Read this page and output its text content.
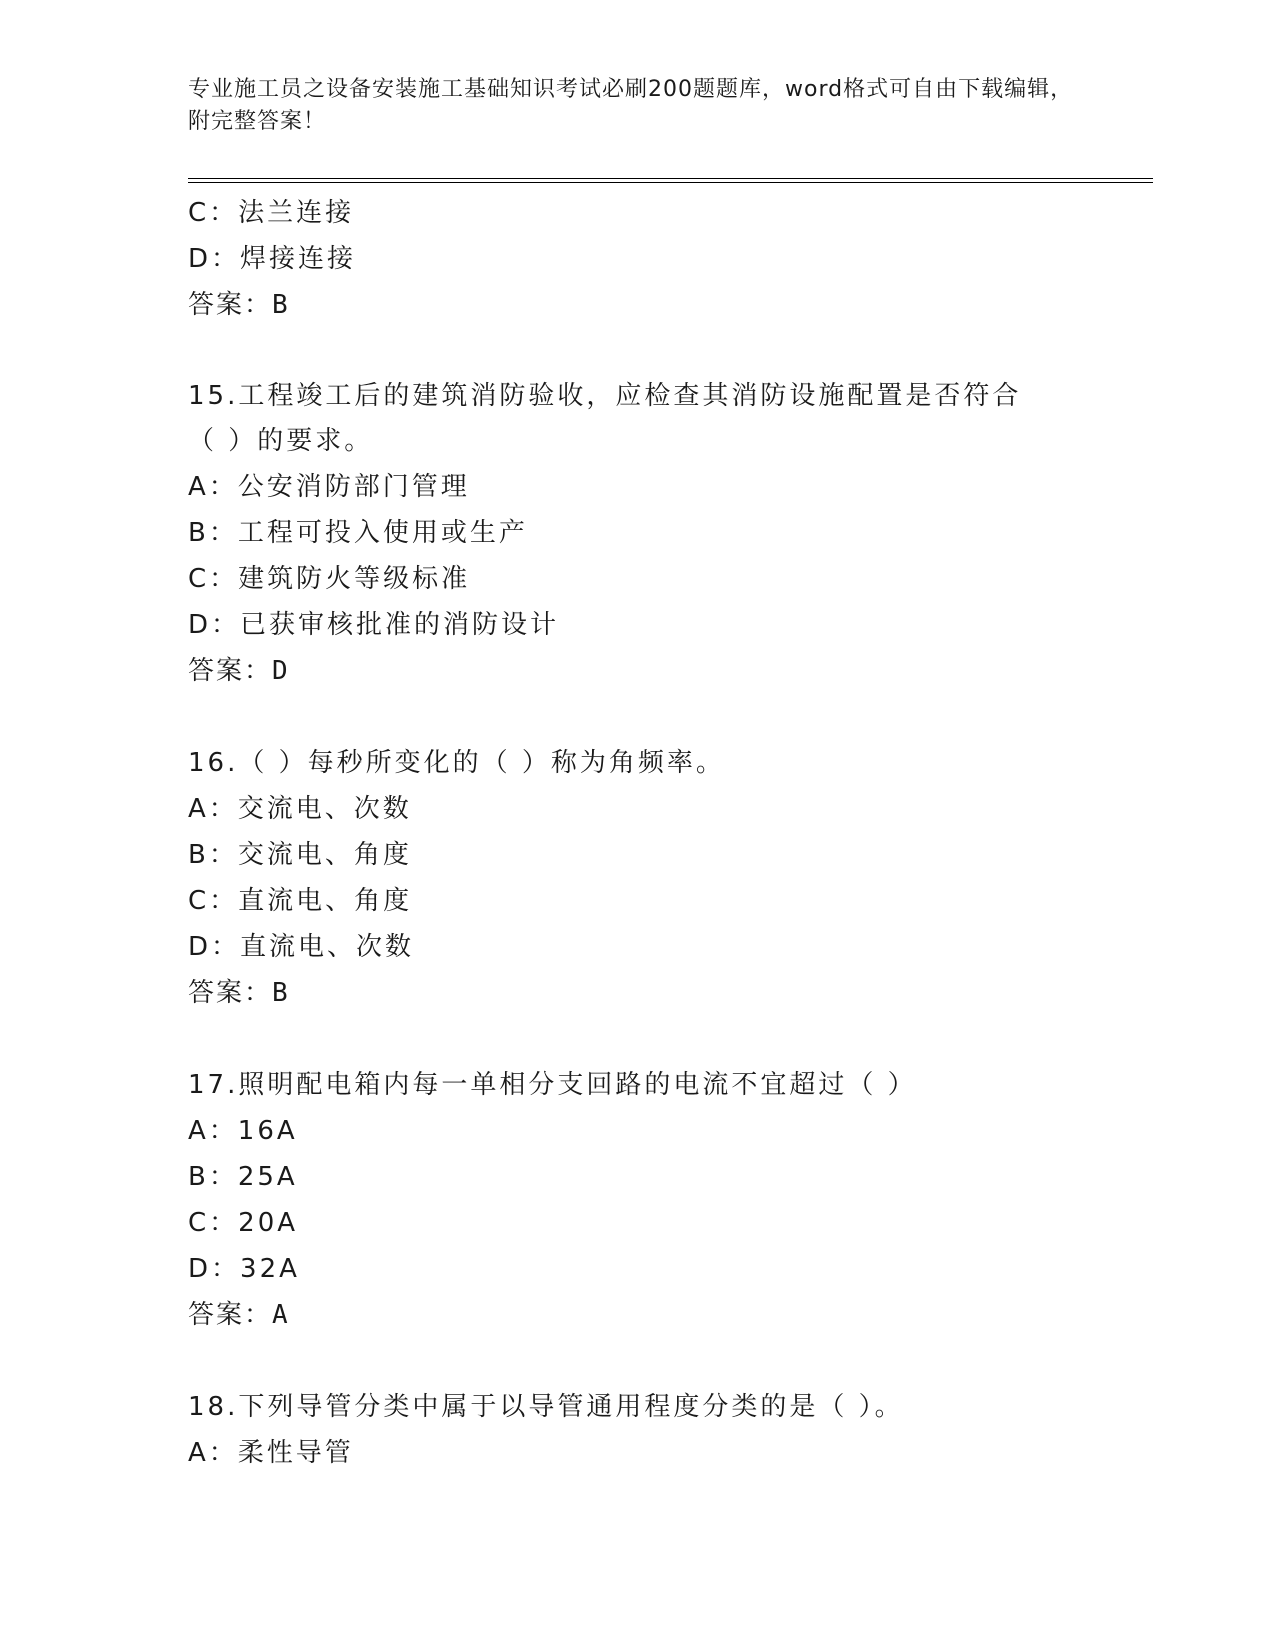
专业施工员之设备安装施工基础知识考试必刷200题题库，word格式可自由下载编辑，附完整答案！
C：法兰连接
D：焊接连接
答案：B
15.工程竣工后的建筑消防验收，应检查其消防设施配置是否符合（ ）的要求。
A：公安消防部门管理
B：工程可投入使用或生产
C：建筑防火等级标准
D：已获审核批准的消防设计
答案：D
16.（ ）每秒所变化的（ ）称为角频率。
A：交流电、次数
B：交流电、角度
C：直流电、角度
D：直流电、次数
答案：B
17.照明配电箱内每一单相分支回路的电流不宜超过（ ）
A：16A
B：25A
C：20A
D：32A
答案：A
18.下列导管分类中属于以导管通用程度分类的是（ ）。
A：柔性导管
